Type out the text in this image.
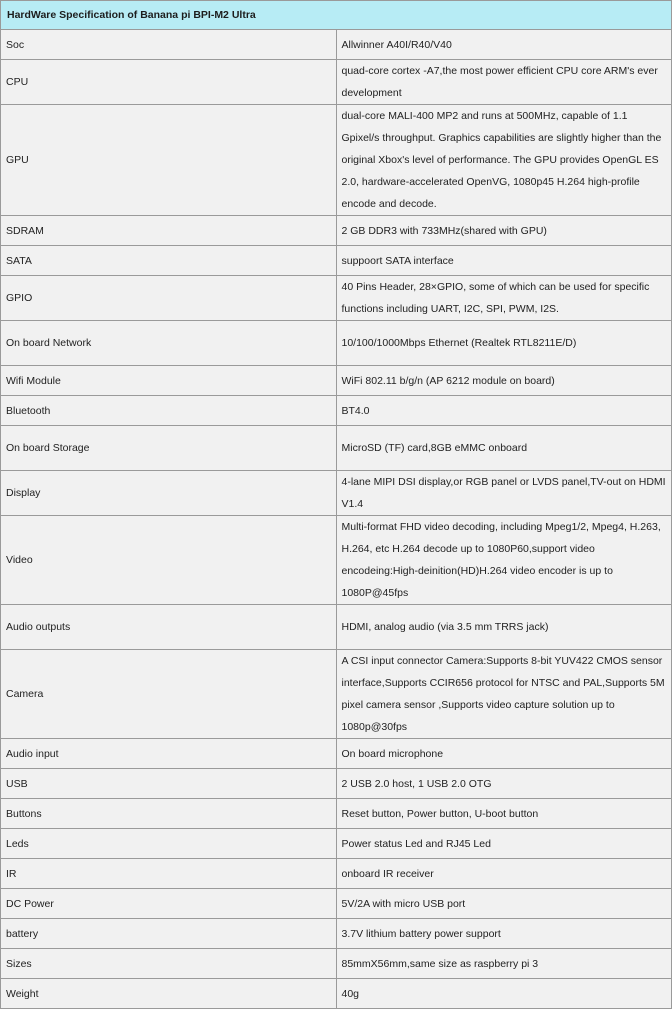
HardWare Specification of Banana pi BPI-M2 Ultra	
Soc	Allwinner A40I/R40/V40
CPU	quad-core cortex -A7,the most power efficient CPU core ARM's ever development
GPU	dual-core MALI-400 MP2 and runs at 500MHz, capable of 1.1 Gpixel/s throughput. Graphics capabilities are slightly higher than the original Xbox's level of performance. The GPU provides OpenGL ES 2.0, hardware-accelerated OpenVG, 1080p45 H.264 high-profile encode and decode.
SDRAM	2 GB DDR3 with 733MHz(shared with GPU)
SATA	suppoort SATA interface
GPIO	40 Pins Header, 28×GPIO, some of which can be used for specific functions including UART, I2C, SPI, PWM, I2S.
On board Network	10/100/1000Mbps Ethernet (Realtek RTL8211E/D)
Wifi Module	WiFi 802.11 b/g/n (AP 6212 module on board)
Bluetooth	BT4.0
On board Storage	MicroSD (TF) card,8GB eMMC onboard
Display	4-lane MIPI DSI display,or RGB panel or LVDS panel,TV-out on HDMI V1.4
Video	Multi-format FHD video decoding, including Mpeg1/2, Mpeg4, H.263, H.264, etc H.264 decode up to 1080P60,support video encodeing:High-deinition(HD)H.264 video encoder is up to 1080P@45fps
Audio outputs	HDMI, analog audio (via 3.5 mm TRRS jack)
Camera	A CSI input connector Camera:Supports 8-bit YUV422 CMOS sensor interface,Supports CCIR656 protocol for NTSC and PAL,Supports 5M pixel camera sensor ,Supports video capture solution up to 1080p@30fps
Audio input	On board microphone
USB	2 USB 2.0 host, 1 USB 2.0 OTG
Buttons	Reset button, Power button, U-boot button
Leds	Power status Led and RJ45 Led
IR	onboard IR receiver
DC Power	5V/2A with micro USB port
battery	3.7V lithium battery power support
Sizes	85mmX56mm,same size as raspberry pi 3
Weight	40g
